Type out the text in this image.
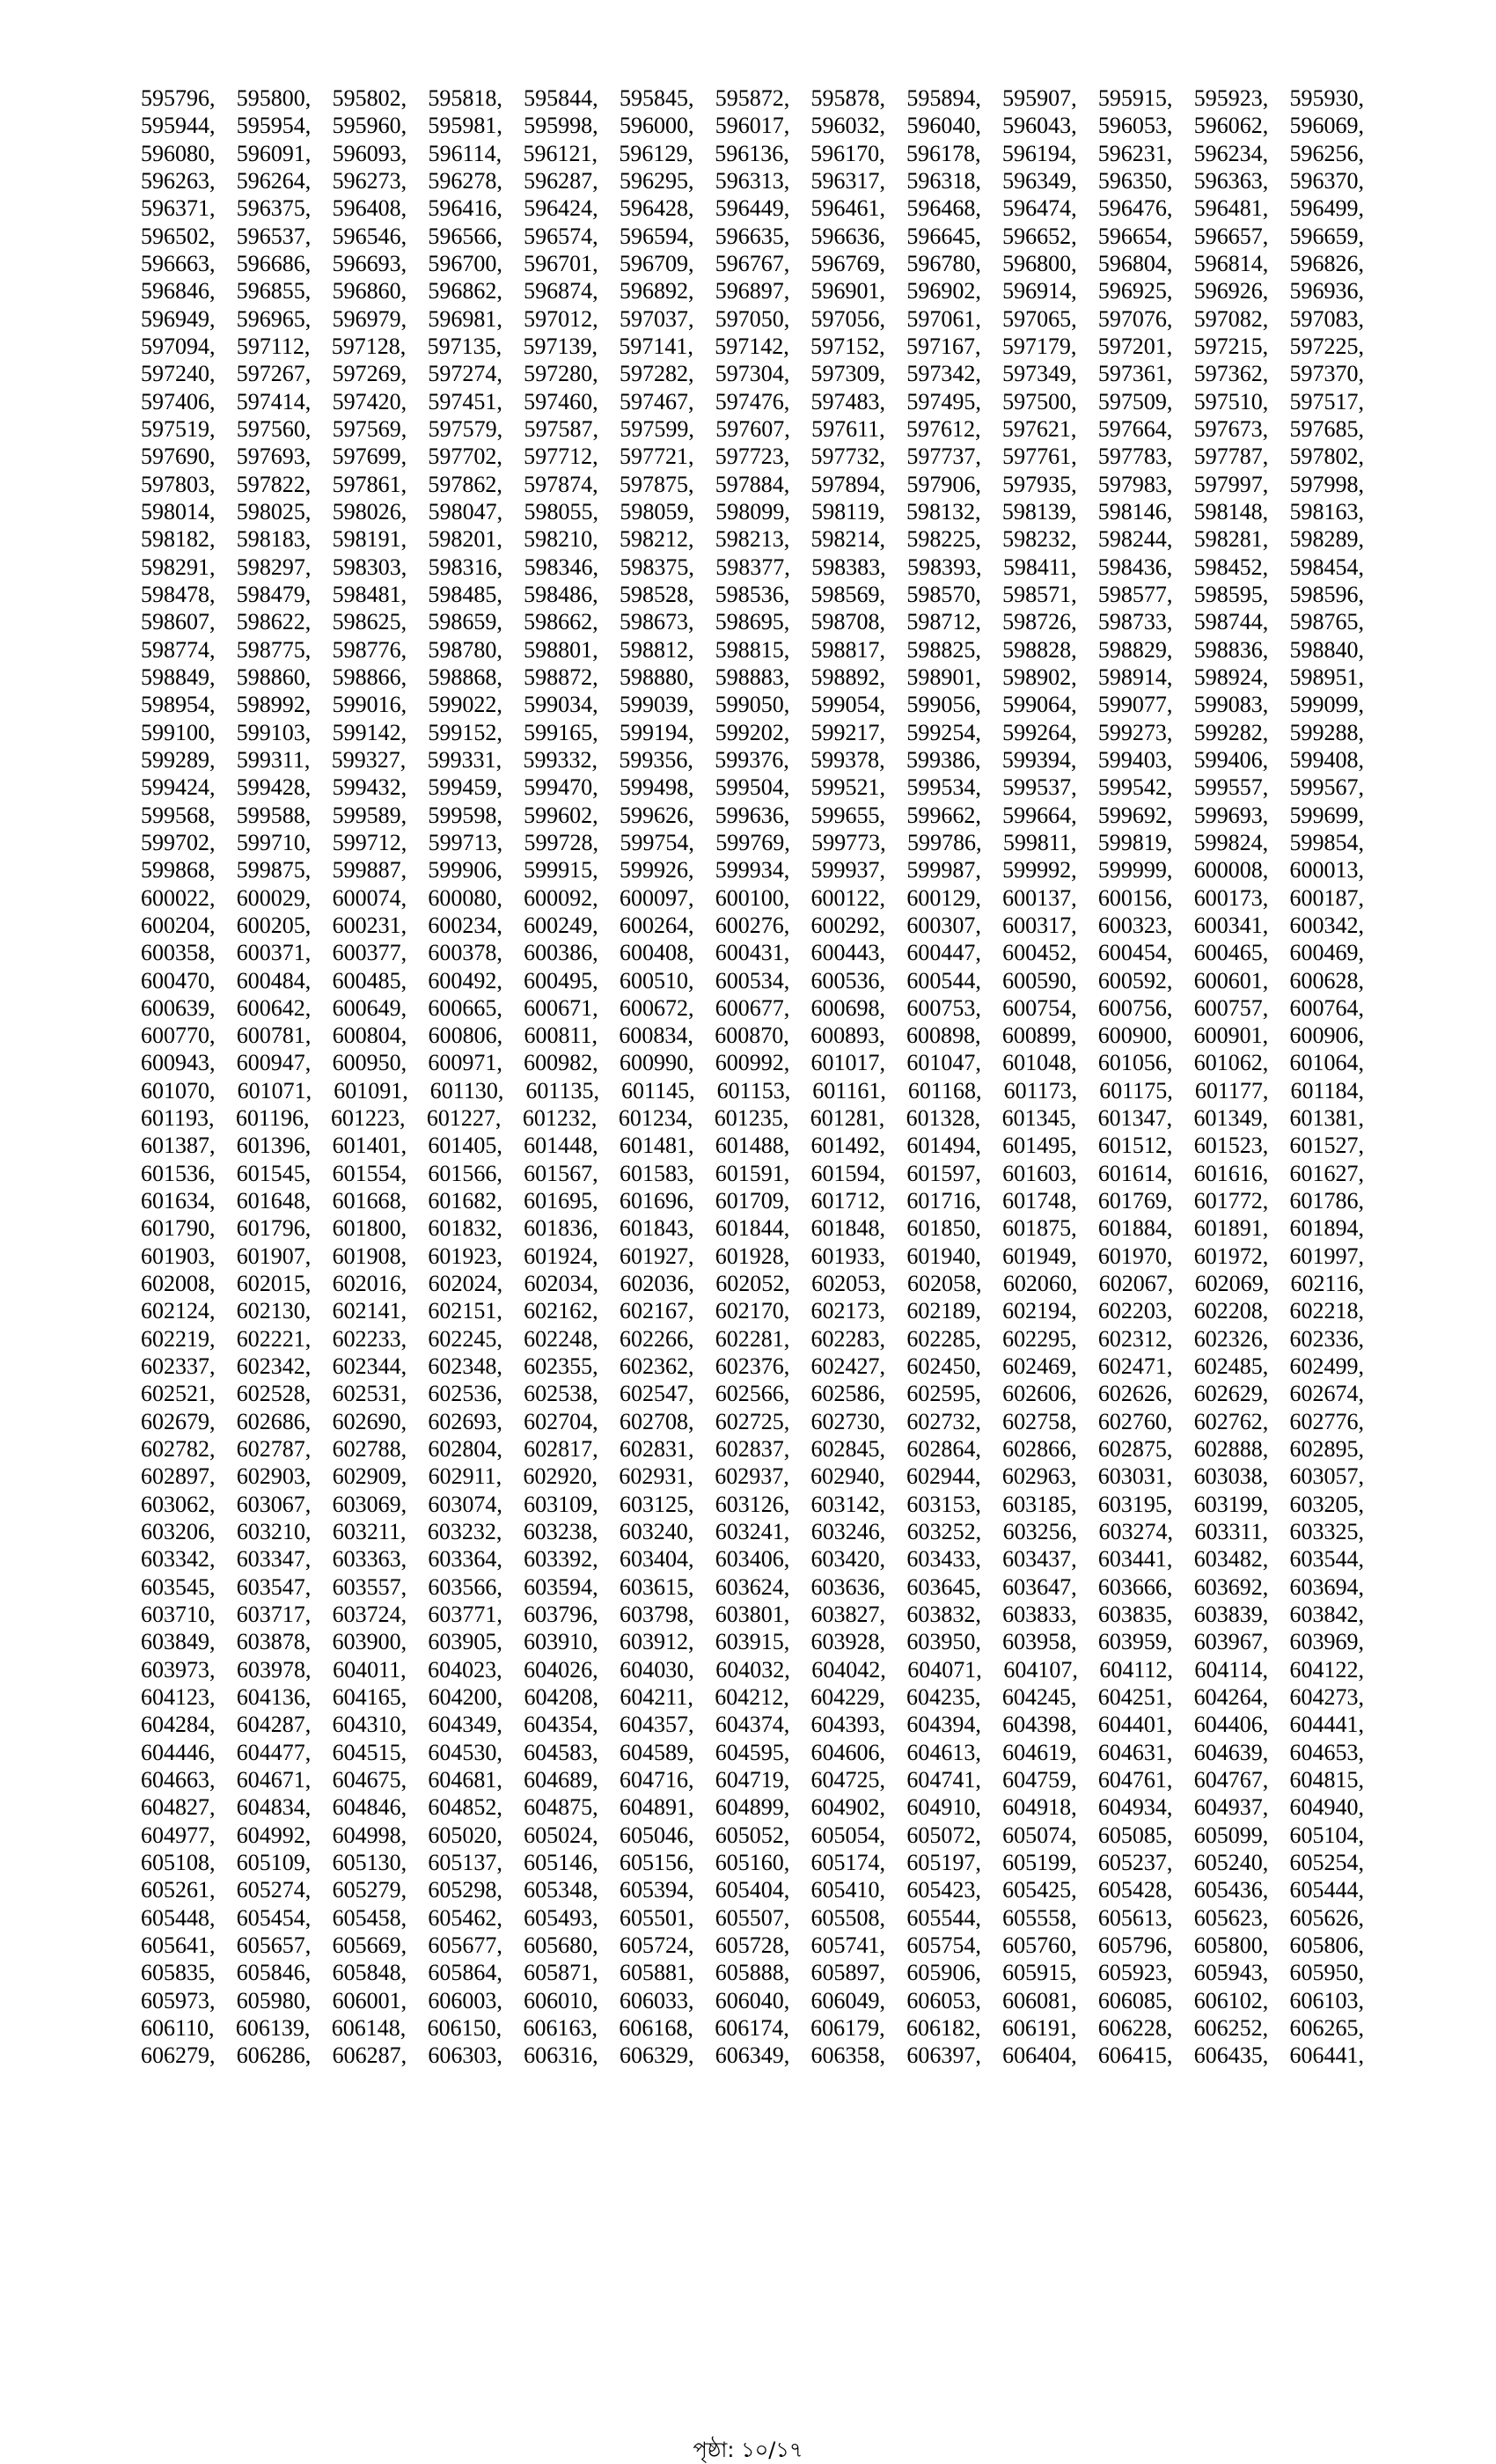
595796, 595800, 595802, 595818, 595844, 595845, 595872, 595878, 595894, 595907, 595915, 595923, 595930,
595944, 595954, 595960, 595981, 595998, 596000, 596017, 596032, 596040, 596043, 596053, 596062, 596069,
596080, 596091, 596093, 596114, 596121, 596129, 596136, 596170, 596178, 596194, 596231, 596234, 596256,
596263, 596264, 596273, 596278, 596287, 596295, 596313, 596317, 596318, 596349, 596350, 596363, 596370,
596371, 596375, 596408, 596416, 596424, 596428, 596449, 596461, 596468, 596474, 596476, 596481, 596499,
596502, 596537, 596546, 596566, 596574, 596594, 596635, 596636, 596645, 596652, 596654, 596657, 596659,
596663, 596686, 596693, 596700, 596701, 596709, 596767, 596769, 596780, 596800, 596804, 596814, 596826,
596846, 596855, 596860, 596862, 596874, 596892, 596897, 596901, 596902, 596914, 596925, 596926, 596936,
596949, 596965, 596979, 596981, 597012, 597037, 597050, 597056, 597061, 597065, 597076, 597082, 597083,
597094, 597112, 597128, 597135, 597139, 597141, 597142, 597152, 597167, 597179, 597201, 597215, 597225,
597240, 597267, 597269, 597274, 597280, 597282, 597304, 597309, 597342, 597349, 597361, 597362, 597370,
597406, 597414, 597420, 597451, 597460, 597467, 597476, 597483, 597495, 597500, 597509, 597510, 597517,
597519, 597560, 597569, 597579, 597587, 597599, 597607, 597611, 597612, 597621, 597664, 597673, 597685,
597690, 597693, 597699, 597702, 597712, 597721, 597723, 597732, 597737, 597761, 597783, 597787, 597802,
597803, 597822, 597861, 597862, 597874, 597875, 597884, 597894, 597906, 597935, 597983, 597997, 597998,
598014, 598025, 598026, 598047, 598055, 598059, 598099, 598119, 598132, 598139, 598146, 598148, 598163,
598182, 598183, 598191, 598201, 598210, 598212, 598213, 598214, 598225, 598232, 598244, 598281, 598289,
598291, 598297, 598303, 598316, 598346, 598375, 598377, 598383, 598393, 598411, 598436, 598452, 598454,
598478, 598479, 598481, 598485, 598486, 598528, 598536, 598569, 598570, 598571, 598577, 598595, 598596,
598607, 598622, 598625, 598659, 598662, 598673, 598695, 598708, 598712, 598726, 598733, 598744, 598765,
598774, 598775, 598776, 598780, 598801, 598812, 598815, 598817, 598825, 598828, 598829, 598836, 598840,
598849, 598860, 598866, 598868, 598872, 598880, 598883, 598892, 598901, 598902, 598914, 598924, 598951,
598954, 598992, 599016, 599022, 599034, 599039, 599050, 599054, 599056, 599064, 599077, 599083, 599099,
599100, 599103, 599142, 599152, 599165, 599194, 599202, 599217, 599254, 599264, 599273, 599282, 599288,
599289, 599311, 599327, 599331, 599332, 599356, 599376, 599378, 599386, 599394, 599403, 599406, 599408,
599424, 599428, 599432, 599459, 599470, 599498, 599504, 599521, 599534, 599537, 599542, 599557, 599567,
599568, 599588, 599589, 599598, 599602, 599626, 599636, 599655, 599662, 599664, 599692, 599693, 599699,
599702, 599710, 599712, 599713, 599728, 599754, 599769, 599773, 599786, 599811, 599819, 599824, 599854,
599868, 599875, 599887, 599906, 599915, 599926, 599934, 599937, 599987, 599992, 599999, 600008, 600013,
600022, 600029, 600074, 600080, 600092, 600097, 600100, 600122, 600129, 600137, 600156, 600173, 600187,
600204, 600205, 600231, 600234, 600249, 600264, 600276, 600292, 600307, 600317, 600323, 600341, 600342,
600358, 600371, 600377, 600378, 600386, 600408, 600431, 600443, 600447, 600452, 600454, 600465, 600469,
600470, 600484, 600485, 600492, 600495, 600510, 600534, 600536, 600544, 600590, 600592, 600601, 600628,
600639, 600642, 600649, 600665, 600671, 600672, 600677, 600698, 600753, 600754, 600756, 600757, 600764,
600770, 600781, 600804, 600806, 600811, 600834, 600870, 600893, 600898, 600899, 600900, 600901, 600906,
600943, 600947, 600950, 600971, 600982, 600990, 600992, 601017, 601047, 601048, 601056, 601062, 601064,
601070, 601071, 601091, 601130, 601135, 601145, 601153, 601161, 601168, 601173, 601175, 601177, 601184,
601193, 601196, 601223, 601227, 601232, 601234, 601235, 601281, 601328, 601345, 601347, 601349, 601381,
601387, 601396, 601401, 601405, 601448, 601481, 601488, 601492, 601494, 601495, 601512, 601523, 601527,
601536, 601545, 601554, 601566, 601567, 601583, 601591, 601594, 601597, 601603, 601614, 601616, 601627,
601634, 601648, 601668, 601682, 601695, 601696, 601709, 601712, 601716, 601748, 601769, 601772, 601786,
601790, 601796, 601800, 601832, 601836, 601843, 601844, 601848, 601850, 601875, 601884, 601891, 601894,
601903, 601907, 601908, 601923, 601924, 601927, 601928, 601933, 601940, 601949, 601970, 601972, 601997,
602008, 602015, 602016, 602024, 602034, 602036, 602052, 602053, 602058, 602060, 602067, 602069, 602116,
602124, 602130, 602141, 602151, 602162, 602167, 602170, 602173, 602189, 602194, 602203, 602208, 602218,
602219, 602221, 602233, 602245, 602248, 602266, 602281, 602283, 602285, 602295, 602312, 602326, 602336,
602337, 602342, 602344, 602348, 602355, 602362, 602376, 602427, 602450, 602469, 602471, 602485, 602499,
602521, 602528, 602531, 602536, 602538, 602547, 602566, 602586, 602595, 602606, 602626, 602629, 602674,
602679, 602686, 602690, 602693, 602704, 602708, 602725, 602730, 602732, 602758, 602760, 602762, 602776,
602782, 602787, 602788, 602804, 602817, 602831, 602837, 602845, 602864, 602866, 602875, 602888, 602895,
602897, 602903, 602909, 602911, 602920, 602931, 602937, 602940, 602944, 602963, 603031, 603038, 603057,
603062, 603067, 603069, 603074, 603109, 603125, 603126, 603142, 603153, 603185, 603195, 603199, 603205,
603206, 603210, 603211, 603232, 603238, 603240, 603241, 603246, 603252, 603256, 603274, 603311, 603325,
603342, 603347, 603363, 603364, 603392, 603404, 603406, 603420, 603433, 603437, 603441, 603482, 603544,
603545, 603547, 603557, 603566, 603594, 603615, 603624, 603636, 603645, 603647, 603666, 603692, 603694,
603710, 603717, 603724, 603771, 603796, 603798, 603801, 603827, 603832, 603833, 603835, 603839, 603842,
603849, 603878, 603900, 603905, 603910, 603912, 603915, 603928, 603950, 603958, 603959, 603967, 603969,
603973, 603978, 604011, 604023, 604026, 604030, 604032, 604042, 604071, 604107, 604112, 604114, 604122,
604123, 604136, 604165, 604200, 604208, 604211, 604212, 604229, 604235, 604245, 604251, 604264, 604273,
604284, 604287, 604310, 604349, 604354, 604357, 604374, 604393, 604394, 604398, 604401, 604406, 604441,
604446, 604477, 604515, 604530, 604583, 604589, 604595, 604606, 604613, 604619, 604631, 604639, 604653,
604663, 604671, 604675, 604681, 604689, 604716, 604719, 604725, 604741, 604759, 604761, 604767, 604815,
604827, 604834, 604846, 604852, 604875, 604891, 604899, 604902, 604910, 604918, 604934, 604937, 604940,
604977, 604992, 604998, 605020, 605024, 605046, 605052, 605054, 605072, 605074, 605085, 605099, 605104,
605108, 605109, 605130, 605137, 605146, 605156, 605160, 605174, 605197, 605199, 605237, 605240, 605254,
605261, 605274, 605279, 605298, 605348, 605394, 605404, 605410, 605423, 605425, 605428, 605436, 605444,
605448, 605454, 605458, 605462, 605493, 605501, 605507, 605508, 605544, 605558, 605613, 605623, 605626,
605641, 605657, 605669, 605677, 605680, 605724, 605728, 605741, 605754, 605760, 605796, 605800, 605806,
605835, 605846, 605848, 605864, 605871, 605881, 605888, 605897, 605906, 605915, 605923, 605943, 605950,
605973, 605980, 606001, 606003, 606010, 606033, 606040, 606049, 606053, 606081, 606085, 606102, 606103,
606110, 606139, 606148, 606150, 606163, 606168, 606174, 606179, 606182, 606191, 606228, 606252, 606265,
606279, 606286, 606287, 606303, 606316, 606329, 606349, 606358, 606397, 606404, 606415, 606435, 606441,
পৃষ্ঠা: ১০/১৭
